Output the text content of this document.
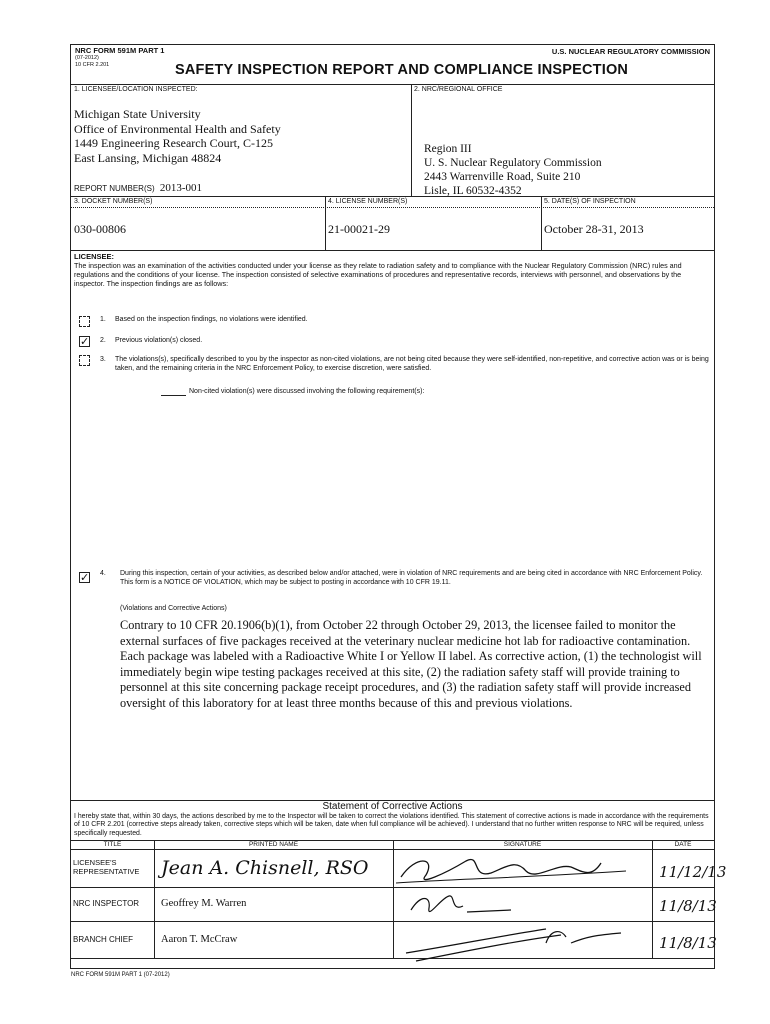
NRC FORM 591M PART 1
(07-2012)
10 CFR 2.201
U.S. NUCLEAR REGULATORY COMMISSION
SAFETY INSPECTION REPORT AND COMPLIANCE INSPECTION
1. LICENSEE/LOCATION INSPECTED:
Michigan State University
Office of Environmental Health and Safety
1449 Engineering Research Court, C-125
East Lansing, Michigan 48824
REPORT NUMBER(S) 2013-001
2. NRC/REGIONAL OFFICE
Region III
U. S. Nuclear Regulatory Commission
2443 Warrenville Road, Suite 210
Lisle, IL 60532-4352
3. DOCKET NUMBER(S)	4. LICENSE NUMBER(S)	5. DATE(S) OF INSPECTION
030-00806	21-00021-29	October 28-31, 2013
LICENSEE:
The inspection was an examination of the activities conducted under your license as they relate to radiation safety and to compliance with the Nuclear Regulatory Commission (NRC) rules and regulations and the conditions of your license. The inspection consisted of selective examinations of procedures and representative records, interviews with personnel, and observations by the inspector. The inspection findings are as follows:
1. Based on the inspection findings, no violations were identified.
✓ 2. Previous violation(s) closed.
3. The violations(s), specifically described to you by the inspector as non-cited violations, are not being cited because they were self-identified, non-repetitive, and corrective action was or is being taken, and the remaining criteria in the NRC Enforcement Policy, to exercise discretion, were satisfied.
Non-cited violation(s) were discussed involving the following requirement(s):
✓ 4. During this inspection, certain of your activities, as described below and/or attached, were in violation of NRC requirements and are being cited in accordance with NRC Enforcement Policy. This form is a NOTICE OF VIOLATION, which may be subject to posting in accordance with 10 CFR 19.11.
(Violations and Corrective Actions)
Contrary to 10 CFR 20.1906(b)(1), from October 22 through October 29, 2013, the licensee failed to monitor the external surfaces of five packages received at the veterinary nuclear medicine hot lab for radioactive contamination. Each package was labeled with a Radioactive White I or Yellow II label. As corrective action, (1) the technologist will immediately begin wipe testing packages received at this site, (2) the radiation safety staff will provide training to personnel at this site concerning package receipt procedures, and (3) the radiation safety staff will provide increased oversight of this laboratory for at least three months because of this and previous violations.
Statement of Corrective Actions
I hereby state that, within 30 days, the actions described by me to the Inspector will be taken to correct the violations identified. This statement of corrective actions is made in accordance with the requirements of 10 CFR 2.201 (corrective steps already taken, corrective steps which will be taken, date when full compliance will be achieved). I understand that no further written response to NRC will be required, unless specifically requested.
TITLE	PRINTED NAME	SIGNATURE	DATE
LICENSEE'S REPRESENTATIVE	Jean A. Chisnell, RSO	11/12/13
NRC INSPECTOR Geoffrey M. Warren	11/8/13
BRANCH CHIEF	Aaron T. McCraw	11/8/13
NRC FORM 591M PART 1 (07-2012)
